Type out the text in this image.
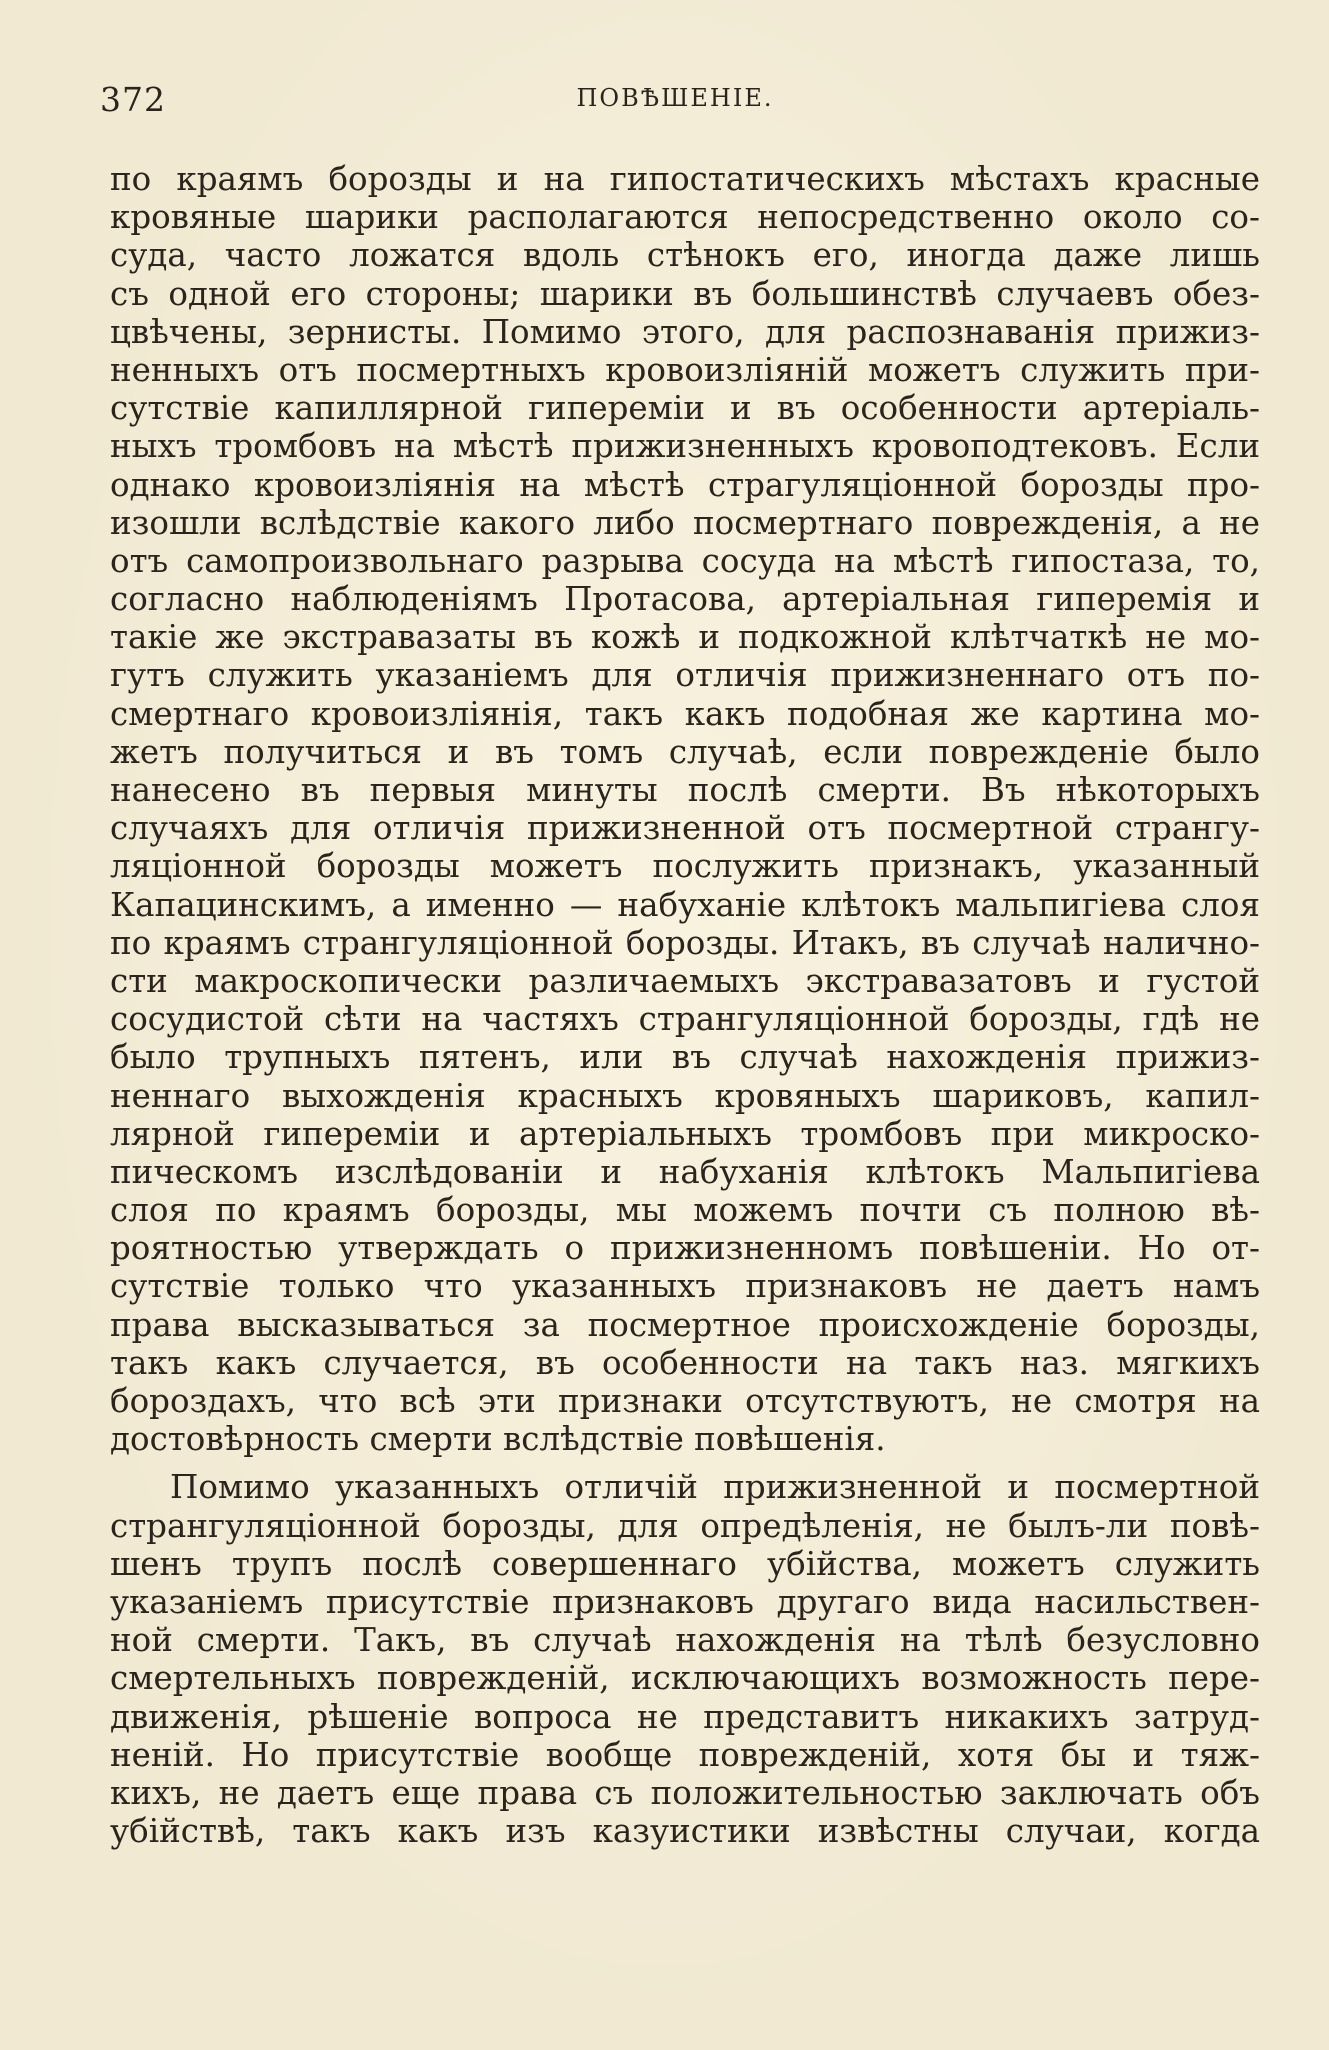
372	ПОВѢШЕНІЕ.
по краямъ борозды и на гипостатическихъ мѣстахъ красные
кровяные шарики располагаются непосредственно около со-
суда, часто ложатся вдоль стѣнокъ его, иногда даже лишь
съ одной его стороны; шарики въ большинствѣ случаевъ обез-
цвѣчены, зернисты. Помимо этого, для распознаванія прижиз-
ненныхъ отъ посмертныхъ кровоизліяній можетъ служить при-
сутствіе капиллярной гипереміи и въ особенности артеріаль-
ныхъ тромбовъ на мѣстѣ прижизненныхъ кровоподтековъ. Если
однако кровоизліянія на мѣстѣ страгуляціонной борозды про-
изошли вслѣдствіе какого либо посмертнаго поврежденія, а не
отъ самопроизвольнаго разрыва сосуда на мѣстѣ гипостаза, то,
согласно наблюденіямъ Протасова, артеріальная гиперемія и
такіе же экстравазаты въ кожѣ и подкожной клѣтчаткѣ не мо-
гутъ служить указаніемъ для отличія прижизненнаго отъ по-
смертнаго кровоизліянія, такъ какъ подобная же картина мо-
жетъ получиться и въ томъ случаѣ, если поврежденіе было
нанесено въ первыя минуты послѣ смерти. Въ нѣкоторыхъ
случаяхъ для отличія прижизненной отъ посмертной странгу-
ляціонной борозды можетъ послужить признакъ, указанный
Капацинскимъ, а именно — набуханіе клѣтокъ мальпигіева слоя
по краямъ странгуляціонной борозды. Итакъ, въ случаѣ налично-
сти макроскопически различаемыхъ экстравазатовъ и густой
сосудистой сѣти на частяхъ странгуляціонной борозды, гдѣ не
было трупныхъ пятенъ, или въ случаѣ нахожденія прижиз-
неннаго выхожденія красныхъ кровяныхъ шариковъ, капил-
лярной гипереміи и артеріальныхъ тромбовъ при микроско-
пическомъ изслѣдованіи и набуханія клѣтокъ Мальпигіева
слоя по краямъ борозды, мы можемъ почти съ полною вѣ-
роятностью утверждать о прижизненномъ повѣшеніи. Но от-
сутствіе только что указанныхъ признаковъ не даетъ намъ
права высказываться за посмертное происхожденіе борозды,
такъ какъ случается, въ особенности на такъ наз. мягкихъ
бороздахъ, что всѣ эти признаки отсутствуютъ, не смотря на
достовѣрность смерти вслѣдствіе повѣшенія.
Помимо указанныхъ отличій прижизненной и посмертной
странгуляціонной борозды, для опредѣленія, не былъ-ли повѣ-
шенъ трупъ послѣ совершеннаго убійства, можетъ служить
указаніемъ присутствіе признаковъ другаго вида насильствен-
ной смерти. Такъ, въ случаѣ нахожденія на тѣлѣ безусловно
смертельныхъ поврежденій, исключающихъ возможность пере-
движенія, рѣшеніе вопроса не представитъ никакихъ затруд-
неній. Но присутствіе вообще поврежденій, хотя бы и тяж-
кихъ, не даетъ еще права съ положительностью заключать объ
убійствѣ, такъ какъ изъ казуистики извѣстны случаи, когда
